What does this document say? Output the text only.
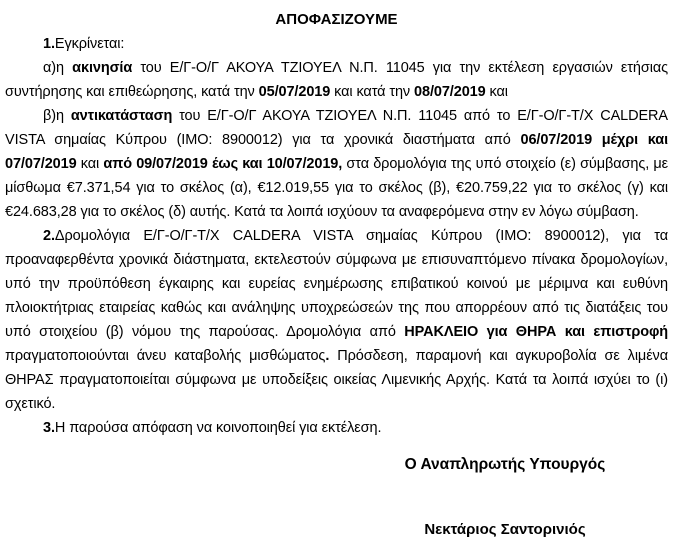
ΑΠΟΦΑΣΙΖΟΥΜΕ

1.Εγκρίνεται:

α)η ακινησία του Ε/Γ-Ο/Γ ΑΚΟΥΑ ΤΖΙΟΥΕΛ Ν.Π. 11045 για την εκτέλεση εργασιών ετήσιας συντήρησης και επιθεώρησης, κατά την 05/07/2019 και κατά την 08/07/2019 και

β)η αντικατάσταση του Ε/Γ-Ο/Γ ΑΚΟΥΑ ΤΖΙΟΥΕΛ Ν.Π. 11045 από το Ε/Γ-Ο/Γ-Τ/Χ CALDERA VISTA σημαίας Κύπρου (ΙΜΟ: 8900012) για τα χρονικά διαστήματα από 06/07/2019 μέχρι και 07/07/2019 και από 09/07/2019 έως και 10/07/2019, στα δρομολόγια της υπό στοιχείο (ε) σύμβασης, με μίσθωμα €7.371,54 για το σκέλος (α), €12.019,55 για το σκέλος (β), €20.759,22 για το σκέλος (γ) και €24.683,28 για το σκέλος (δ) αυτής. Κατά τα λοιπά ισχύουν τα αναφερόμενα στην εν λόγω σύμβαση.

2.Δρομολόγια Ε/Γ-Ο/Γ-Τ/Χ CALDERA VISTA σημαίας Κύπρου (ΙΜΟ: 8900012), για τα προαναφερθέντα χρονικά διάστηματα, εκτελεστούν σύμφωνα με επισυναπτόμενο πίνακα δρομολογίων, υπό την προϋπόθεση έγκαιρης και ευρείας ενημέρωσης επιβατικού κοινού με μέριμνα και ευθύνη πλοιοκτήτριας εταιρείας καθώς και ανάληψης υποχρεώσεών της που απορρέουν από τις διατάξεις του υπό στοιχείου (β) νόμου της παρούσας. Δρομολόγια από ΗΡΑΚΛΕΙΟ για ΘΗΡΑ και επιστροφή πραγματοποιούνται άνευ καταβολής μισθώματος. Πρόσδεση, παραμονή και αγκυροβολία σε λιμένα ΘΗΡΑΣ πραγματοποιείται σύμφωνα με υποδείξεις οικείας Λιμενικής Αρχής. Κατά τα λοιπά ισχύει το (ι) σχετικό.

3.Η παρούσα απόφαση να κοινοποιηθεί για εκτέλεση.

Ο Αναπληρωτής Υπουργός
Νεκτάριος Σαντορινιός
